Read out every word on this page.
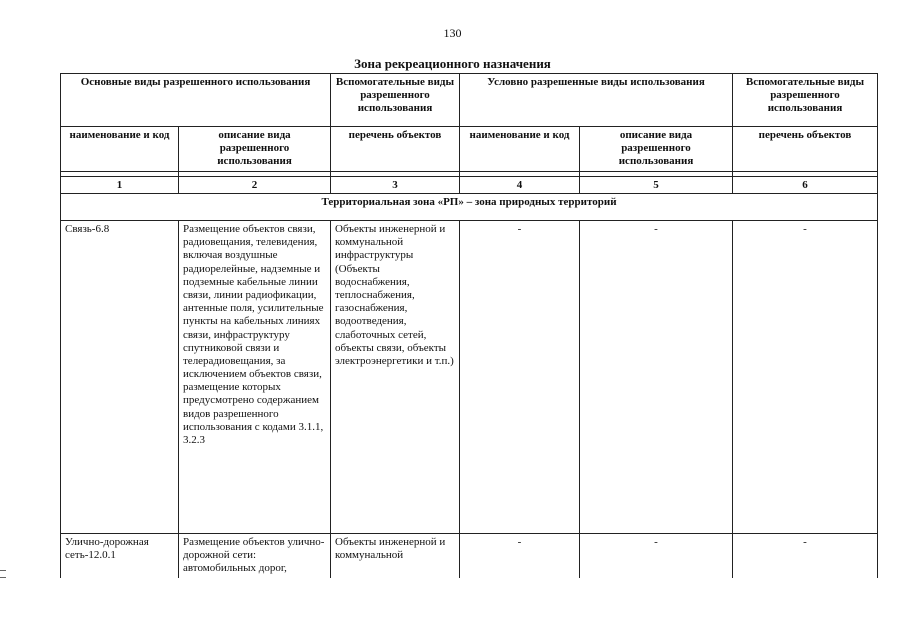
130
Зона рекреационного назначения
Основные виды разрешенного использования		Вспомогательные виды разрешенного использования	Условно разрешенные виды использования		Вспомогательные виды разрешенного использования
наименование и код	описание вида разрешенного использования	перечень объектов	наименование и код	описание вида разрешенного использования	перечень объектов

1	2	3	4	5	6
Территориальная зона «РП» – зона природных территорий					
Связь-6.8	Размещение объектов связи, радиовещания, телевидения, включая воздушные радиорелейные, надземные и подземные кабельные линии связи, линии радиофикации, антенные поля, усилительные пункты на кабельных линиях связи, инфраструктуру спутниковой связи и телерадиовещания, за исключением объектов связи, размещение которых предусмотрено содержанием видов разрешенного использования с кодами 3.1.1, 3.2.3	Объекты инженерной и коммунальной инфраструктуры (Объекты водоснабжения, теплоснабжения, газоснабжения, водоотведения, слаботочных сетей, объекты связи, объекты электроэнергетики и т.п.)	-	-	-
Улично-дорожная сеть-12.0.1	Размещение объектов улично-дорожной сети: автомобильных дорог,	Объекты инженерной и коммунальной	-	-	-
